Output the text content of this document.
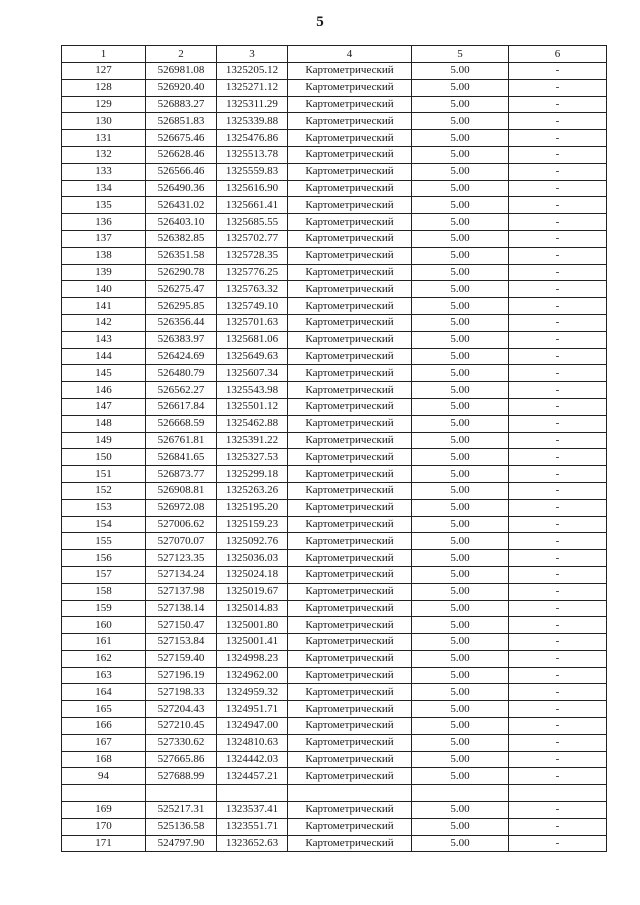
5
1	2	3	4	5	6
127	526981.08	1325205.12	Картометрический	5.00	-
128	526920.40	1325271.12	Картометрический	5.00	-
129	526883.27	1325311.29	Картометрический	5.00	-
130	526851.83	1325339.88	Картометрический	5.00	-
131	526675.46	1325476.86	Картометрический	5.00	-
132	526628.46	1325513.78	Картометрический	5.00	-
133	526566.46	1325559.83	Картометрический	5.00	-
134	526490.36	1325616.90	Картометрический	5.00	-
135	526431.02	1325661.41	Картометрический	5.00	-
136	526403.10	1325685.55	Картометрический	5.00	-
137	526382.85	1325702.77	Картометрический	5.00	-
138	526351.58	1325728.35	Картометрический	5.00	-
139	526290.78	1325776.25	Картометрический	5.00	-
140	526275.47	1325763.32	Картометрический	5.00	-
141	526295.85	1325749.10	Картометрический	5.00	-
142	526356.44	1325701.63	Картометрический	5.00	-
143	526383.97	1325681.06	Картометрический	5.00	-
144	526424.69	1325649.63	Картометрический	5.00	-
145	526480.79	1325607.34	Картометрический	5.00	-
146	526562.27	1325543.98	Картометрический	5.00	-
147	526617.84	1325501.12	Картометрический	5.00	-
148	526668.59	1325462.88	Картометрический	5.00	-
149	526761.81	1325391.22	Картометрический	5.00	-
150	526841.65	1325327.53	Картометрический	5.00	-
151	526873.77	1325299.18	Картометрический	5.00	-
152	526908.81	1325263.26	Картометрический	5.00	-
153	526972.08	1325195.20	Картометрический	5.00	-
154	527006.62	1325159.23	Картометрический	5.00	-
155	527070.07	1325092.76	Картометрический	5.00	-
156	527123.35	1325036.03	Картометрический	5.00	-
157	527134.24	1325024.18	Картометрический	5.00	-
158	527137.98	1325019.67	Картометрический	5.00	-
159	527138.14	1325014.83	Картометрический	5.00	-
160	527150.47	1325001.80	Картометрический	5.00	-
161	527153.84	1325001.41	Картометрический	5.00	-
162	527159.40	1324998.23	Картометрический	5.00	-
163	527196.19	1324962.00	Картометрический	5.00	-
164	527198.33	1324959.32	Картометрический	5.00	-
165	527204.43	1324951.71	Картометрический	5.00	-
166	527210.45	1324947.00	Картометрический	5.00	-
167	527330.62	1324810.63	Картометрический	5.00	-
168	527665.86	1324442.03	Картометрический	5.00	-
94	527688.99	1324457.21	Картометрический	5.00	-

169	525217.31	1323537.41	Картометрический	5.00	-
170	525136.58	1323551.71	Картометрический	5.00	-
171	524797.90	1323652.63	Картометрический	5.00	-
